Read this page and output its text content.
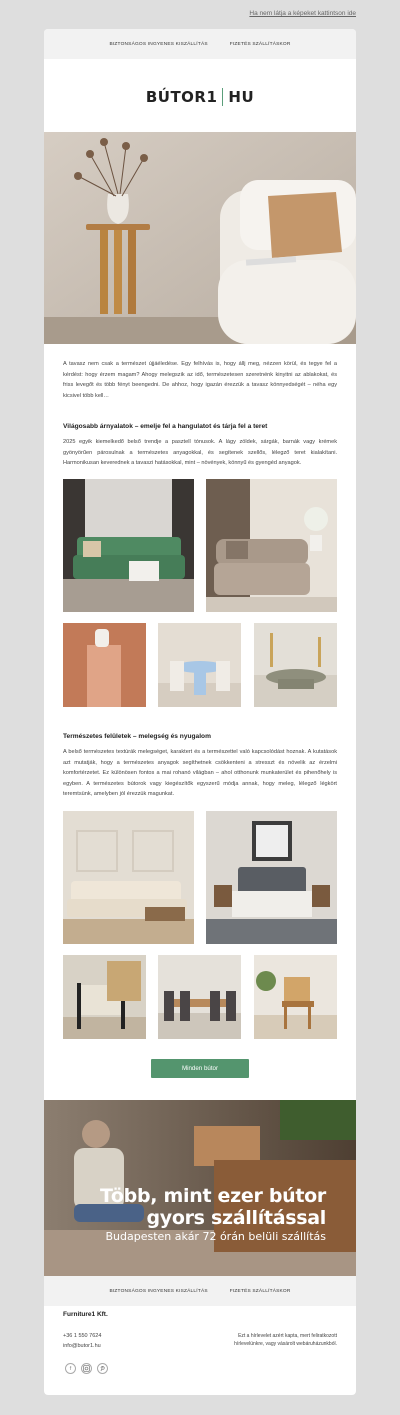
Ha nem látja a képeket kattintson ide
BIZTONSÁGOS INGYENES KISZÁLLÍTÁS	FIZETÉS SZÁLLÍTÁSKOR
BÚTOR1 HU
A tavasz nem csak a természet újjáéledése. Egy felhívás is, hogy állj meg, nézzen körül, és tegye fel a kérdést: hogy érzem magam? Ahogy melegszik az idő, természetesen szeretnénk kinyitni az ablakokat, és friss levegőt és több fényt beengedni. De ahhoz, hogy igazán érezzük a tavasz könnyedségét – néha egy kicsivel több kell…
Világosabb árnyalatok – emelje fel a hangulatot és tárja fel a teret
2025 egyik kiemelkedő belső trendje a pasztell tónusok. A lágy zöldek, sárgák, barnák vagy krémek gyönyörűen párosulnak a természetes anyagokkal, és segítenek szellős, lélegző teret kialakítani. Harmonikusan keverednek a tavaszi hatásokkal, mint – növények, könnyű és gyengéd anyagok.
Természetes felületek – melegség és nyugalom
A belső természetes textúrák melegséget, karaktert és a természettel való kapcsolódást hoznak. A kutatások azt mutatják, hogy a természetes anyagok segíthetnek csökkenteni a stresszt és növelik az érzelmi komfortérzetet. Ez különösen fontos a mai rohanó világban – ahol otthonunk munkaterület és pihenőhely is egyben. A természetes bútorok vagy kiegészítők egyszerű módja annak, hogy meleg, lélegző légkört teremtsünk, amelyben jól érezzük magunkat.
Minden bútor
Több, mint ezer bútor
gyors szállítással
Budapesten akár 72 órán belüli szállítás
BIZTONSÁGOS INGYENES KISZÁLLÍTÁS	FIZETÉS SZÁLLÍTÁSKOR
Furniture1 Kft.
+36 1 550 7624
info@butor1.hu
Ezt a hírlevelet azért kapta, mert feliratkozott hírlevelünkre, vagy vásárolt webáruházunkból.
f
